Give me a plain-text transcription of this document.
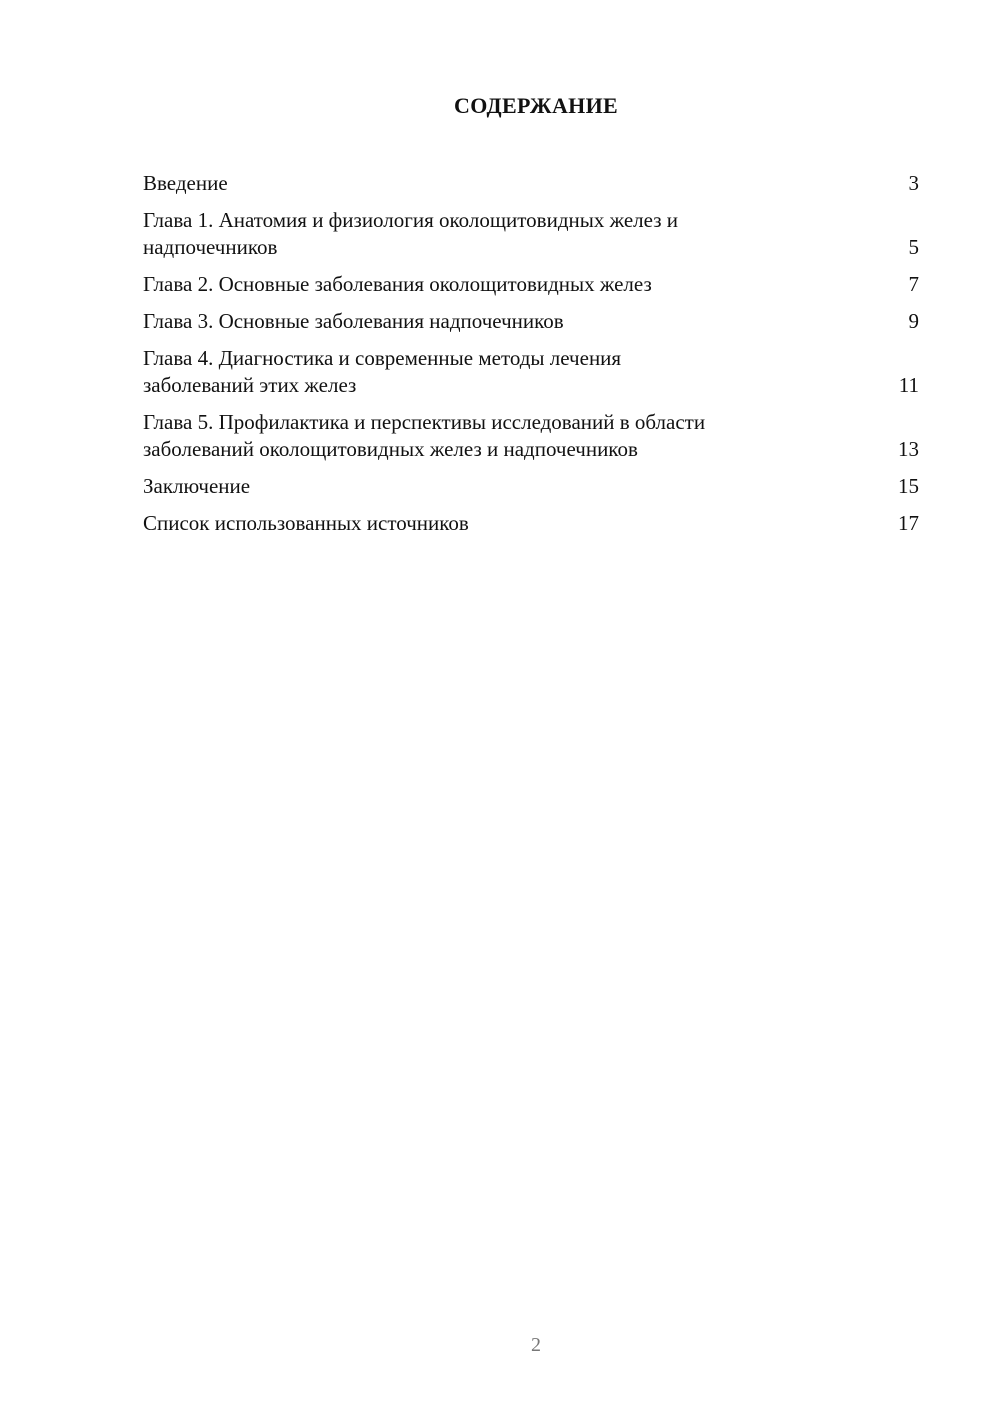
СОДЕРЖАНИЕ
Введение	3
Глава 1. Анатомия и физиология околощитовидных желез и
надпочечников	5
Глава 2. Основные заболевания околощитовидных желез	7
Глава 3. Основные заболевания надпочечников	9
Глава 4. Диагностика и современные методы лечения
заболеваний этих желез	11
Глава 5. Профилактика и перспективы исследований в области
заболеваний околощитовидных желез и надпочечников	13
Заключение	15
Список использованных источников	17
2
